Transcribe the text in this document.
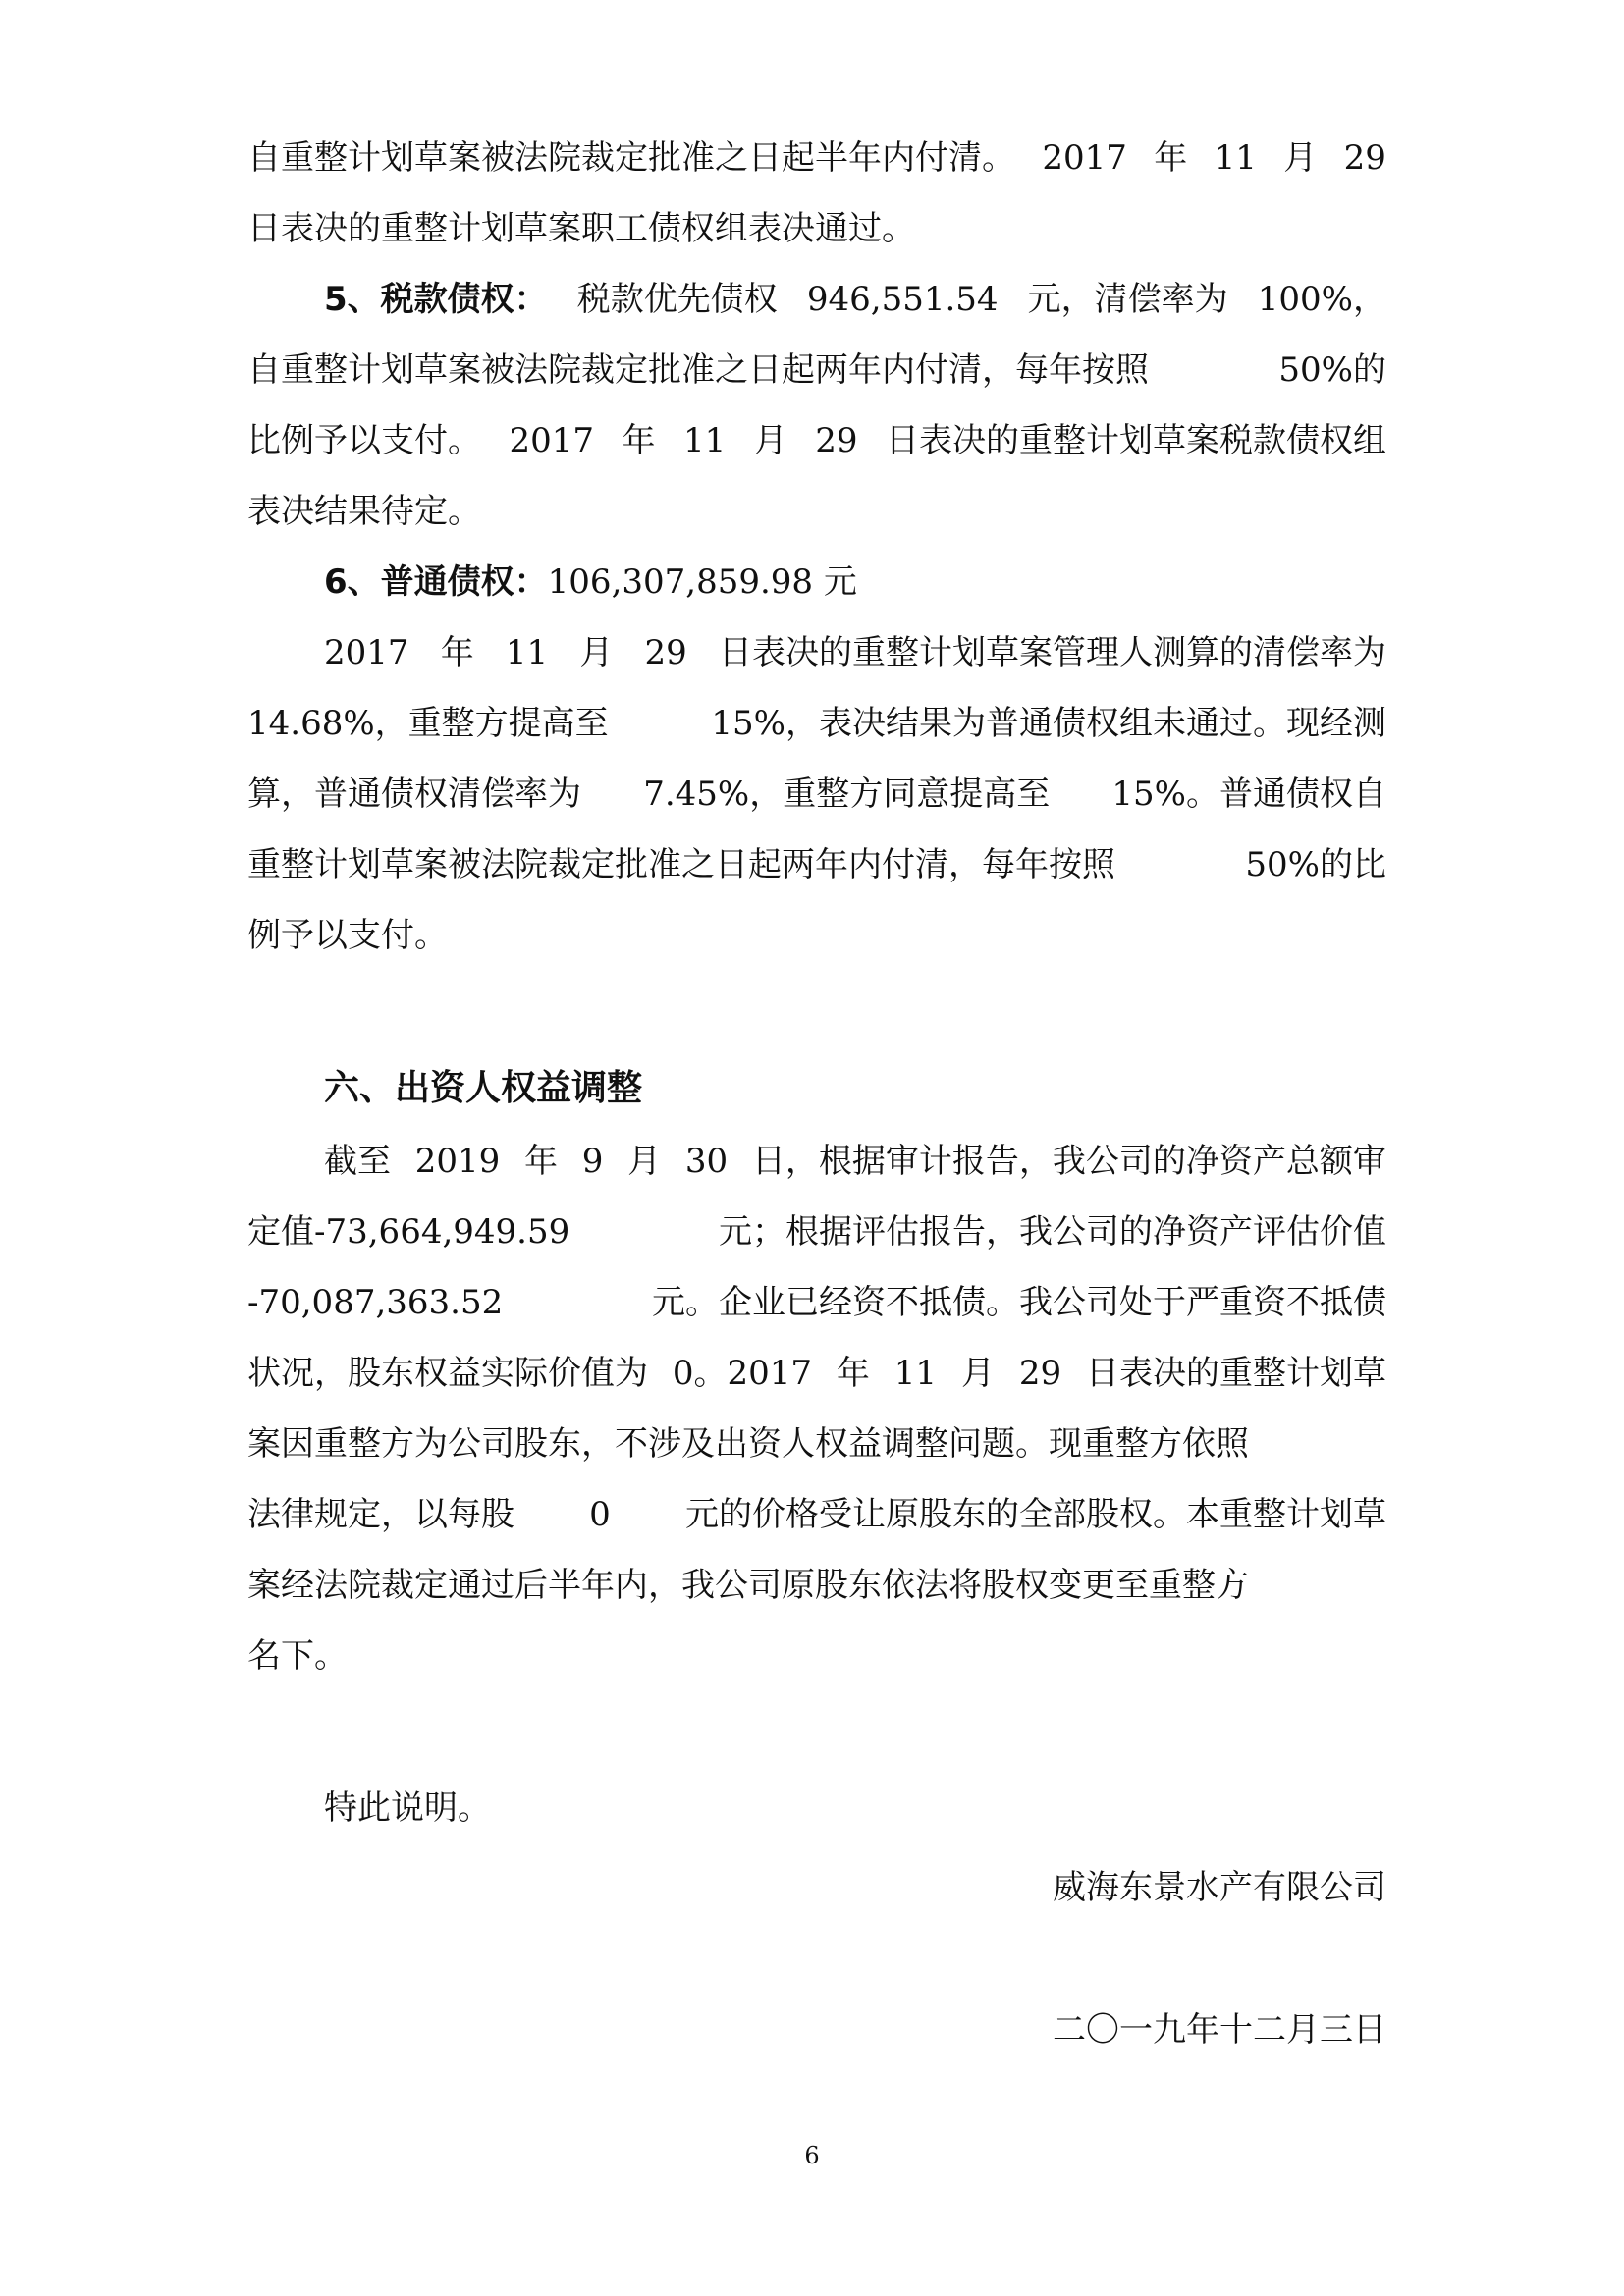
自重整计划草案被法院裁定批准之日起半年内付清。 2017 年 11 月 29
日表决的重整计划草案职工债权组表决通过。
5、税款债权： 税款优先债权 946,551.54 元，清偿率为 100%，
自重整计划草案被法院裁定批准之日起两年内付清，每年按照	50%的
比例予以支付。 2017 年 11 月 29 日表决的重整计划草案税款债权组
表决结果待定。
6、普通债权： 106,307,859.98 元
2017 年 11 月 29 日表决的重整计划草案管理人测算的清偿率为
14.68%，重整方提高至	15%，表决结果为普通债权组未通过。现经测
算，普通债权清偿率为 7.45%，重整方同意提高至 15%。普通债权自
重整计划草案被法院裁定批准之日起两年内付清，每年按照	50%的比
例予以支付。
六、出资人权益调整
截至 2019 年 9 月 30 日，根据审计报告，我公司的净资产总额审
定值-73,664,949.59	元；根据评估报告，我公司的净资产评估价值
-70,087,363.52	元。企业已经资不抵债。我公司处于严重资不抵债
状况，股东权益实际价值为 0。2017 年 11 月 29 日表决的重整计划草
案因重整方为公司股东，不涉及出资人权益调整问题。现重整方依照
法律规定，以每股 0 元的价格受让原股东的全部股权。本重整计划草
案经法院裁定通过后半年内，我公司原股东依法将股权变更至重整方
名下。
特此说明。
威海东景水产有限公司
二〇一九年十二月三日
6
